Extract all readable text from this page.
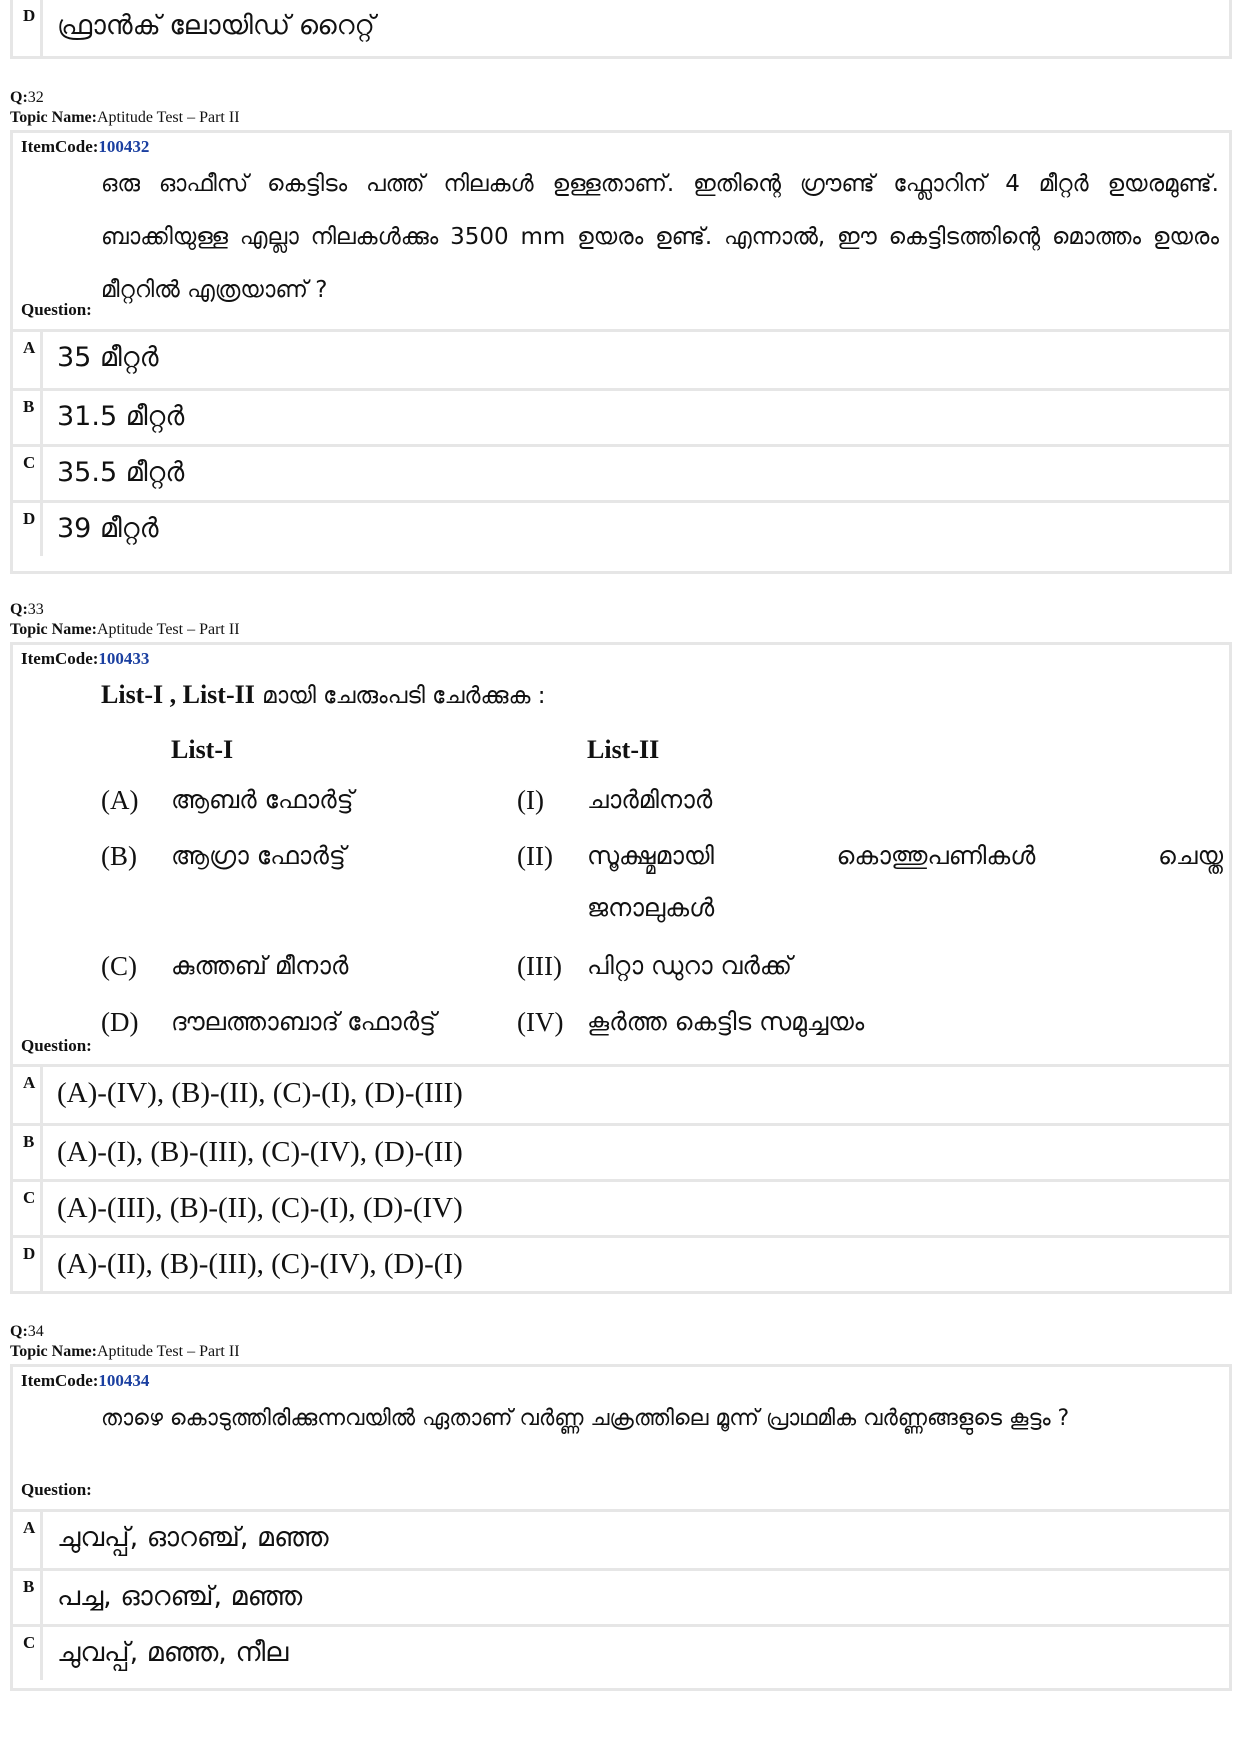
D ഫ്രാൻക് ലോയിഡ് റൈറ്റ്
Q:32
Topic Name:Aptitude Test – Part II
ItemCode:100432
ഒരു ഓഫീസ് കെട്ടിടം പത്ത് നിലകൾ ഉള്ളതാണ്. ഇതിന്റെ ഗ്രൗണ്ട് ഫ്ലോറിന് 4 മീറ്റർ ഉയരമുണ്ട്. ബാക്കിയുള്ള എല്ലാ നിലകൾക്കും 3500 mm ഉയരം ഉണ്ട്. എന്നാൽ, ഈ കെട്ടിടത്തിന്റെ മൊത്തം ഉയരം മീറ്ററിൽ എത്രയാണ് ?
Question:
A 35 മീറ്റർ
B 31.5 മീറ്റർ
C 35.5 മീറ്റർ
D 39 മീറ്റർ
Q:33
Topic Name:Aptitude Test – Part II
ItemCode:100433
List-I , List-II മായി ചേരുംപടി ചേർക്കുക :
List-I	List-II
(A) ആബർ ഫോർട്ട്	(I) ചാർമിനാർ
(B) ആഗ്രാ ഫോർട്ട്	(II) സൂക്ഷ്മമായി കൊത്തുപണികൾ ചെയ്ത
ജനാലുകൾ
(C) കുത്തബ് മീനാർ	(III) പിറ്റാ ഡുറാ വർക്ക്
(D) ദൗലത്താബാദ് ഫോർട്ട്	(IV) കൂർത്ത കെട്ടിട സമുച്ചയം
Question:
A (A)-(IV), (B)-(II), (C)-(I), (D)-(III)
B (A)-(I), (B)-(III), (C)-(IV), (D)-(II)
C (A)-(III), (B)-(II), (C)-(I), (D)-(IV)
D (A)-(II), (B)-(III), (C)-(IV), (D)-(I)
Q:34
Topic Name:Aptitude Test – Part II
ItemCode:100434
താഴെ കൊടുത്തിരിക്കുന്നവയിൽ ഏതാണ് വർണ്ണ ചക്രത്തിലെ മൂന്ന് പ്രാഥമിക വർണ്ണങ്ങളുടെ കൂട്ടം ?
Question:
A ചുവപ്പ്, ഓറഞ്ച്, മഞ്ഞ
B പച്ച, ഓറഞ്ച്, മഞ്ഞ
C ചുവപ്പ്, മഞ്ഞ, നീല
